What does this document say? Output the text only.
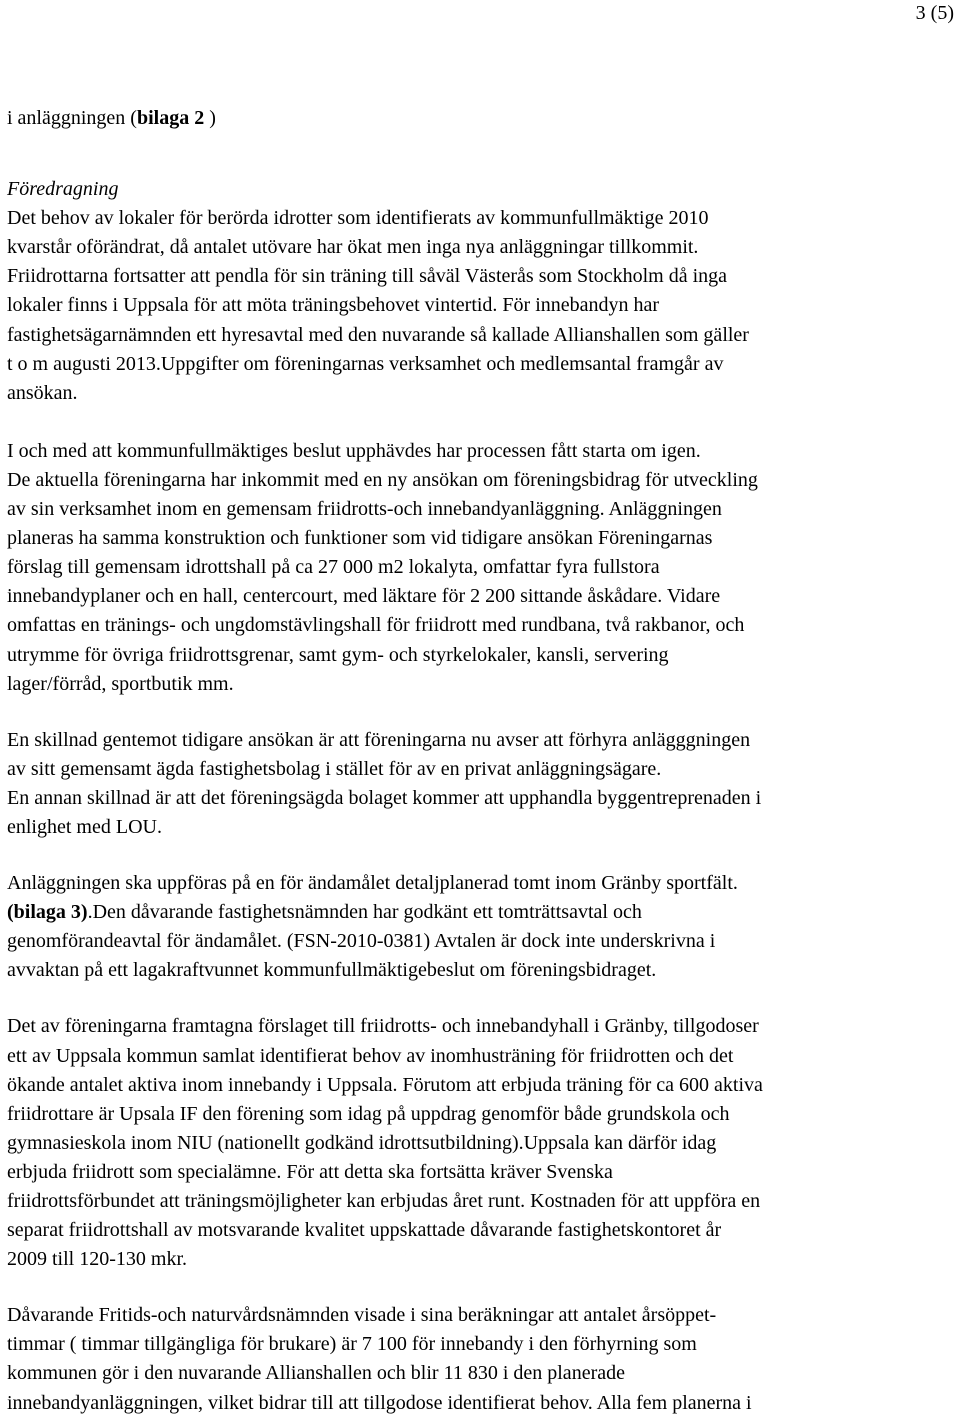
3 (5)

i anläggningen (bilaga 2 )

Föredragning

Det behov av lokaler för berörda idrotter som identifierats av kommunfullmäktige 2010
kvarstår oförändrat, då antalet utövare har ökat men inga nya anläggningar tillkommit.
Friidrottarna fortsatter att pendla för sin träning till såväl Västerås som Stockholm då inga
lokaler finns i Uppsala för att möta träningsbehovet vintertid. För innebandyn har
fastighetsägarnämnden ett hyresavtal med den nuvarande så kallade Allianshallen som gäller
t o m augusti 2013.Uppgifter om föreningarnas verksamhet och medlemsantal framgår av
ansökan.

I och med att kommunfullmäktiges beslut upphävdes har processen fått starta om igen.
De aktuella föreningarna har inkommit med en ny ansökan om föreningsbidrag för utveckling
av sin verksamhet inom en gemensam friidrotts-och innebandyanläggning. Anläggningen
planeras ha samma konstruktion och funktioner som vid tidigare ansökan Föreningarnas
förslag till gemensam idrottshall på ca 27 000 m2 lokalyta, omfattar fyra fullstora
innebandyplaner och en hall, centercourt, med läktare för 2 200 sittande åskådare. Vidare
omfattas en tränings- och ungdomstävlingshall för friidrott med rundbana, två rakbanor, och
utrymme för övriga friidrottsgrenar, samt gym- och styrkelokaler, kansli, servering
lager/förråd, sportbutik mm.

En skillnad gentemot tidigare ansökan är att föreningarna nu avser att förhyra anlägggningen
av sitt gemensamt ägda fastighetsbolag i stället för av en privat anläggningsägare.
En annan skillnad är att det föreningsägda bolaget kommer att upphandla byggentreprenaden i
enlighet med LOU.

Anläggningen ska uppföras på en för ändamålet detaljplanerad tomt inom Gränby sportfält.
(bilaga 3).Den dåvarande fastighetsnämnden har godkänt ett tomträttsavtal och
genomförandeavtal för ändamålet. (FSN-2010-0381) Avtalen är dock inte underskrivna i
avvaktan på ett lagakraftvunnet kommunfullmäktigebeslut om föreningsbidraget.

Det av föreningarna framtagna förslaget till friidrotts- och innebandyhall i Gränby, tillgodoser
ett av Uppsala kommun samlat identifierat behov av inomhusträning för friidrotten och det
ökande antalet aktiva inom innebandy i Uppsala. Förutom att erbjuda träning för ca 600 aktiva
friidrottare är Upsala IF den förening som idag på uppdrag genomför både grundskola och
gymnasieskola inom NIU (nationellt godkänd idrottsutbildning).Uppsala kan därför idag
erbjuda friidrott som specialämne. För att detta ska fortsätta kräver Svenska
friidrottsförbundet att träningsmöjligheter kan erbjudas året runt. Kostnaden för att uppföra en
separat friidrottshall av motsvarande kvalitet uppskattade dåvarande fastighetskontoret år
2009 till 120-130 mkr.

Dåvarande Fritids-och naturvårdsnämnden visade i sina beräkningar att antalet årsöppet-
timmar ( timmar tillgängliga för brukare) är 7 100 för innebandy i den förhyrning som
kommunen gör i den nuvarande Allianshallen och blir 11 830 i den planerade
innebandyanläggningen, vilket bidrar till att tillgodose identifierat behov. Alla fem planerna i
